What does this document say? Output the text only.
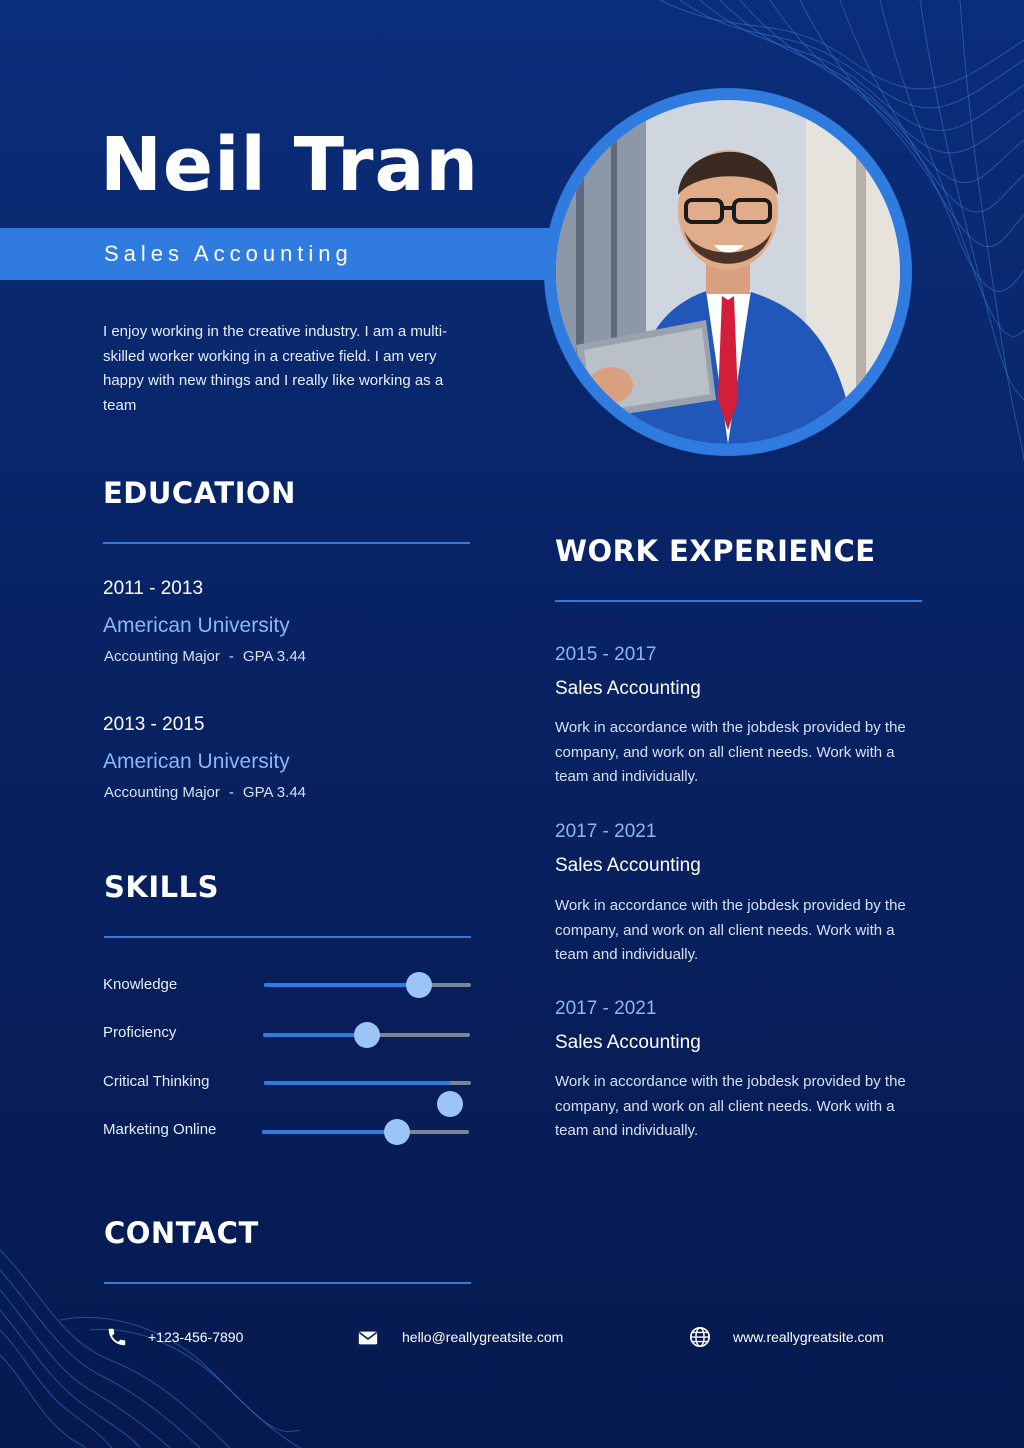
Neil Tran
Sales Accounting
I enjoy working in the creative industry. I am a multi-skilled worker working in a creative field. I am very happy with new things and I really like working as a team
EDUCATION
2011 - 2013
American University
Accounting Major - GPA 3.44
2013 - 2015
American University
Accounting Major - GPA 3.44
SKILLS
Knowledge
Proficiency
Critical Thinking
Marketing Online
WORK EXPERIENCE
2015 - 2017
Sales Accounting
Work in accordance with the jobdesk provided by the company, and work on all client needs. Work with a team and individually.
2017 - 2021
Sales Accounting
Work in accordance with the jobdesk provided by the company, and work on all client needs. Work with a team and individually.
2017 - 2021
Sales Accounting
Work in accordance with the jobdesk provided by the company, and work on all client needs. Work with a team and individually.
CONTACT
+123-456-7890	hello@reallygreatsite.com	www.reallygreatsite.com
